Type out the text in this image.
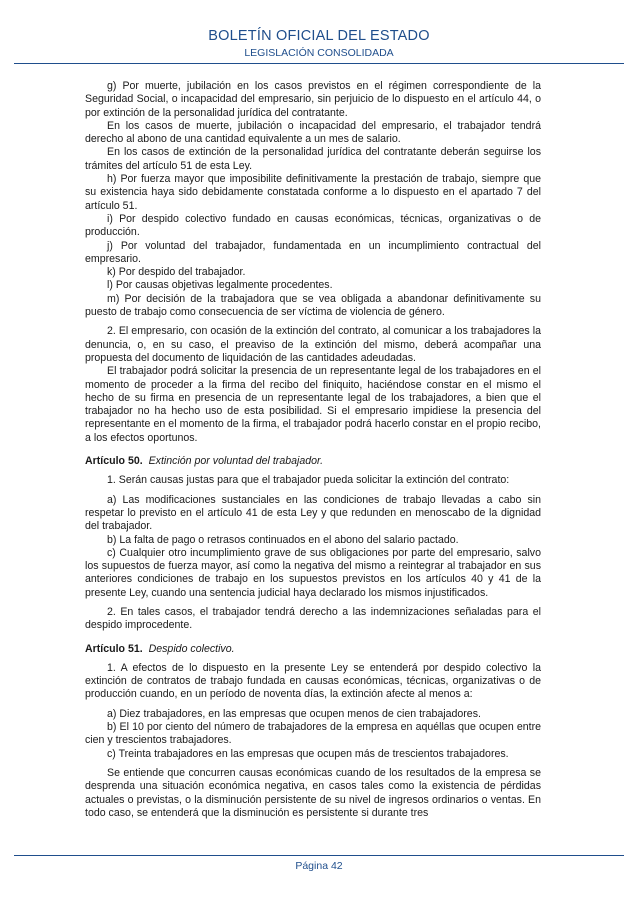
BOLETÍN OFICIAL DEL ESTADO
LEGISLACIÓN CONSOLIDADA

g) Por muerte, jubilación en los casos previstos en el régimen correspondiente de la Seguridad Social, o incapacidad del empresario, sin perjuicio de lo dispuesto en el artículo 44, o por extinción de la personalidad jurídica del contratante.

En los casos de muerte, jubilación o incapacidad del empresario, el trabajador tendrá derecho al abono de una cantidad equivalente a un mes de salario.

En los casos de extinción de la personalidad jurídica del contratante deberán seguirse los trámites del artículo 51 de esta Ley.

h) Por fuerza mayor que imposibilite definitivamente la prestación de trabajo, siempre que su existencia haya sido debidamente constatada conforme a lo dispuesto en el apartado 7 del artículo 51.

i) Por despido colectivo fundado en causas económicas, técnicas, organizativas o de producción.

j) Por voluntad del trabajador, fundamentada en un incumplimiento contractual del empresario.

k) Por despido del trabajador.

l) Por causas objetivas legalmente procedentes.

m) Por decisión de la trabajadora que se vea obligada a abandonar definitivamente su puesto de trabajo como consecuencia de ser víctima de violencia de género.

2. El empresario, con ocasión de la extinción del contrato, al comunicar a los trabajadores la denuncia, o, en su caso, el preaviso de la extinción del mismo, deberá acompañar una propuesta del documento de liquidación de las cantidades adeudadas.

El trabajador podrá solicitar la presencia de un representante legal de los trabajadores en el momento de proceder a la firma del recibo del finiquito, haciéndose constar en el mismo el hecho de su firma en presencia de un representante legal de los trabajadores, a bien que el trabajador no ha hecho uso de esta posibilidad. Si el empresario impidiese la presencia del representante en el momento de la firma, el trabajador podrá hacerlo constar en el propio recibo, a los efectos oportunos.

Artículo 50. Extinción por voluntad del trabajador.

1. Serán causas justas para que el trabajador pueda solicitar la extinción del contrato:

a) Las modificaciones sustanciales en las condiciones de trabajo llevadas a cabo sin respetar lo previsto en el artículo 41 de esta Ley y que redunden en menoscabo de la dignidad del trabajador.

b) La falta de pago o retrasos continuados en el abono del salario pactado.

c) Cualquier otro incumplimiento grave de sus obligaciones por parte del empresario, salvo los supuestos de fuerza mayor, así como la negativa del mismo a reintegrar al trabajador en sus anteriores condiciones de trabajo en los supuestos previstos en los artículos 40 y 41 de la presente Ley, cuando una sentencia judicial haya declarado los mismos injustificados.

2. En tales casos, el trabajador tendrá derecho a las indemnizaciones señaladas para el despido improcedente.

Artículo 51. Despido colectivo.

1. A efectos de lo dispuesto en la presente Ley se entenderá por despido colectivo la extinción de contratos de trabajo fundada en causas económicas, técnicas, organizativas o de producción cuando, en un período de noventa días, la extinción afecte al menos a:

a) Diez trabajadores, en las empresas que ocupen menos de cien trabajadores.

b) El 10 por ciento del número de trabajadores de la empresa en aquéllas que ocupen entre cien y trescientos trabajadores.

c) Treinta trabajadores en las empresas que ocupen más de trescientos trabajadores.

Se entiende que concurren causas económicas cuando de los resultados de la empresa se desprenda una situación económica negativa, en casos tales como la existencia de pérdidas actuales o previstas, o la disminución persistente de su nivel de ingresos ordinarios o ventas. En todo caso, se entenderá que la disminución es persistente si durante tres

Página 42
